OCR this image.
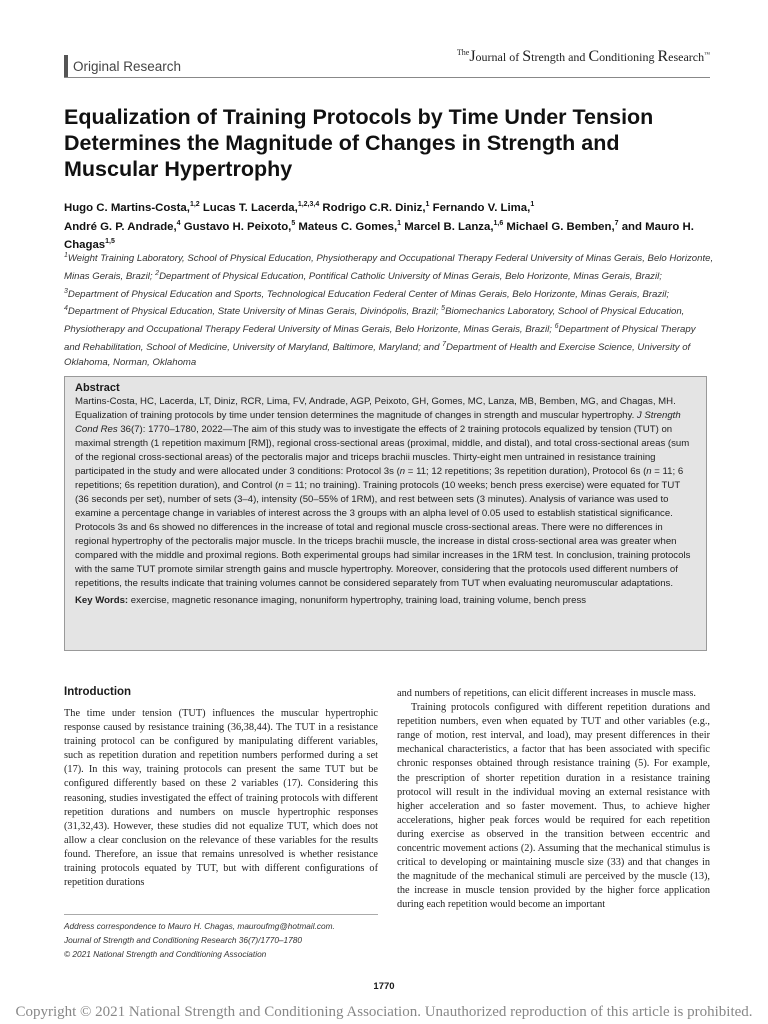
Original Research
$^{The}$Journal of Strength and Conditioning Research™
Equalization of Training Protocols by Time Under Tension Determines the Magnitude of Changes in Strength and Muscular Hypertrophy
Hugo C. Martins-Costa,$^{1,2}$ Lucas T. Lacerda,$^{1,2,3,4}$ Rodrigo C.R. Diniz,$^1$ Fernando V. Lima,$^1$
André G. P. Andrade,$^4$ Gustavo H. Peixoto,$^5$ Mateus C. Gomes,$^1$ Marcel B. Lanza,$^{1,6}$ Michael G. Bemben,$^7$ and Mauro H. Chagas$^{1,5}$
$^1$Weight Training Laboratory, School of Physical Education, Physiotherapy and Occupational Therapy Federal University of Minas Gerais, Belo Horizonte, Minas Gerais, Brazil; $^2$Department of Physical Education, Pontifical Catholic University of Minas Gerais, Belo Horizonte, Minas Gerais, Brazil; $^3$Department of Physical Education and Sports, Technological Education Federal Center of Minas Gerais, Belo Horizonte, Minas Gerais, Brazil; $^4$Department of Physical Education, State University of Minas Gerais, Divinópolis, Brazil; $^5$Biomechanics Laboratory, School of Physical Education, Physiotherapy and Occupational Therapy Federal University of Minas Gerais, Belo Horizonte, Minas Gerais, Brazil; $^6$Department of Physical Therapy and Rehabilitation, School of Medicine, University of Maryland, Baltimore, Maryland; and $^7$Department of Health and Exercise Science, University of Oklahoma, Norman, Oklahoma
Abstract

Martins-Costa, HC, Lacerda, LT, Diniz, RCR, Lima, FV, Andrade, AGP, Peixoto, GH, Gomes, MC, Lanza, MB, Bemben, MG, and Chagas, MH. Equalization of training protocols by time under tension determines the magnitude of changes in strength and muscular hypertrophy. J Strength Cond Res 36(7): 1770–1780, 2022—The aim of this study was to investigate the effects of 2 training protocols equalized by tension (TUT) on maximal strength (1 repetition maximum [RM]), regional cross-sectional areas (proximal, middle, and distal), and total cross-sectional areas (sum of the regional cross-sectional areas) of the pectoralis major and triceps brachii muscles. Thirty-eight men untrained in resistance training participated in the study and were allocated under 3 conditions: Protocol 3s (n = 11; 12 repetitions; 3s repetition duration), Protocol 6s (n = 11; 6 repetitions; 6s repetition duration), and Control (n = 11; no training). Training protocols (10 weeks; bench press exercise) were equated for TUT (36 seconds per set), number of sets (3–4), intensity (50–55% of 1RM), and rest between sets (3 minutes). Analysis of variance was used to examine a percentage change in variables of interest across the 3 groups with an alpha level of 0.05 used to establish statistical significance. Protocols 3s and 6s showed no differences in the increase of total and regional muscle cross-sectional areas. There were no differences in regional hypertrophy of the pectoralis major muscle. In the triceps brachii muscle, the increase in distal cross-sectional area was greater when compared with the middle and proximal regions. Both experimental groups had similar increases in the 1RM test. In conclusion, training protocols with the same TUT promote similar strength gains and muscle hypertrophy. Moreover, considering that the protocols used different numbers of repetitions, the results indicate that training volumes cannot be considered separately from TUT when evaluating neuromuscular adaptations.

Key Words: exercise, magnetic resonance imaging, nonuniform hypertrophy, training load, training volume, bench press
Introduction

The time under tension (TUT) influences the muscular hypertrophic response caused by resistance training (36,38,44). The TUT in a resistance training protocol can be configured by manipulating different variables, such as repetition duration and repetition numbers performed during a set (17). In this way, training protocols can present the same TUT but be configured differently based on these 2 variables (17). Considering this reasoning, studies investigated the effect of training protocols with different repetition durations and numbers on muscle hypertrophic responses (31,32,43). However, these studies did not equalize TUT, which does not allow a clear conclusion on the relevance of these variables for the results found. Therefore, an issue that remains unresolved is whether resistance training protocols equated by TUT, but with different configurations of repetition durations

and numbers of repetitions, can elicit different increases in muscle mass.

Training protocols configured with different repetition durations and repetition numbers, even when equated by TUT and other variables (e.g., range of motion, rest interval, and load), may present differences in their mechanical characteristics, a factor that has been associated with specific chronic responses obtained through resistance training (5). For example, the prescription of shorter repetition duration in a resistance training protocol will result in the individual moving an external resistance with higher acceleration and so faster movement. Thus, to achieve higher accelerations, higher peak forces would be required for each repetition during exercise as observed in the transition between eccentric and concentric movement actions (2). Assuming that the mechanical stimulus is critical to developing or maintaining muscle size (33) and that changes in the magnitude of the mechanical stimuli are perceived by the muscle (13), the increase in muscle tension provided by the higher force application during each repetition would become an important

Address correspondence to Mauro H. Chagas, mauroufmg@hotmail.com.
Journal of Strength and Conditioning Research 36(7)/1770–1780
© 2021 National Strength and Conditioning Association
1770
Copyright © 2021 National Strength and Conditioning Association. Unauthorized reproduction of this article is prohibited.
